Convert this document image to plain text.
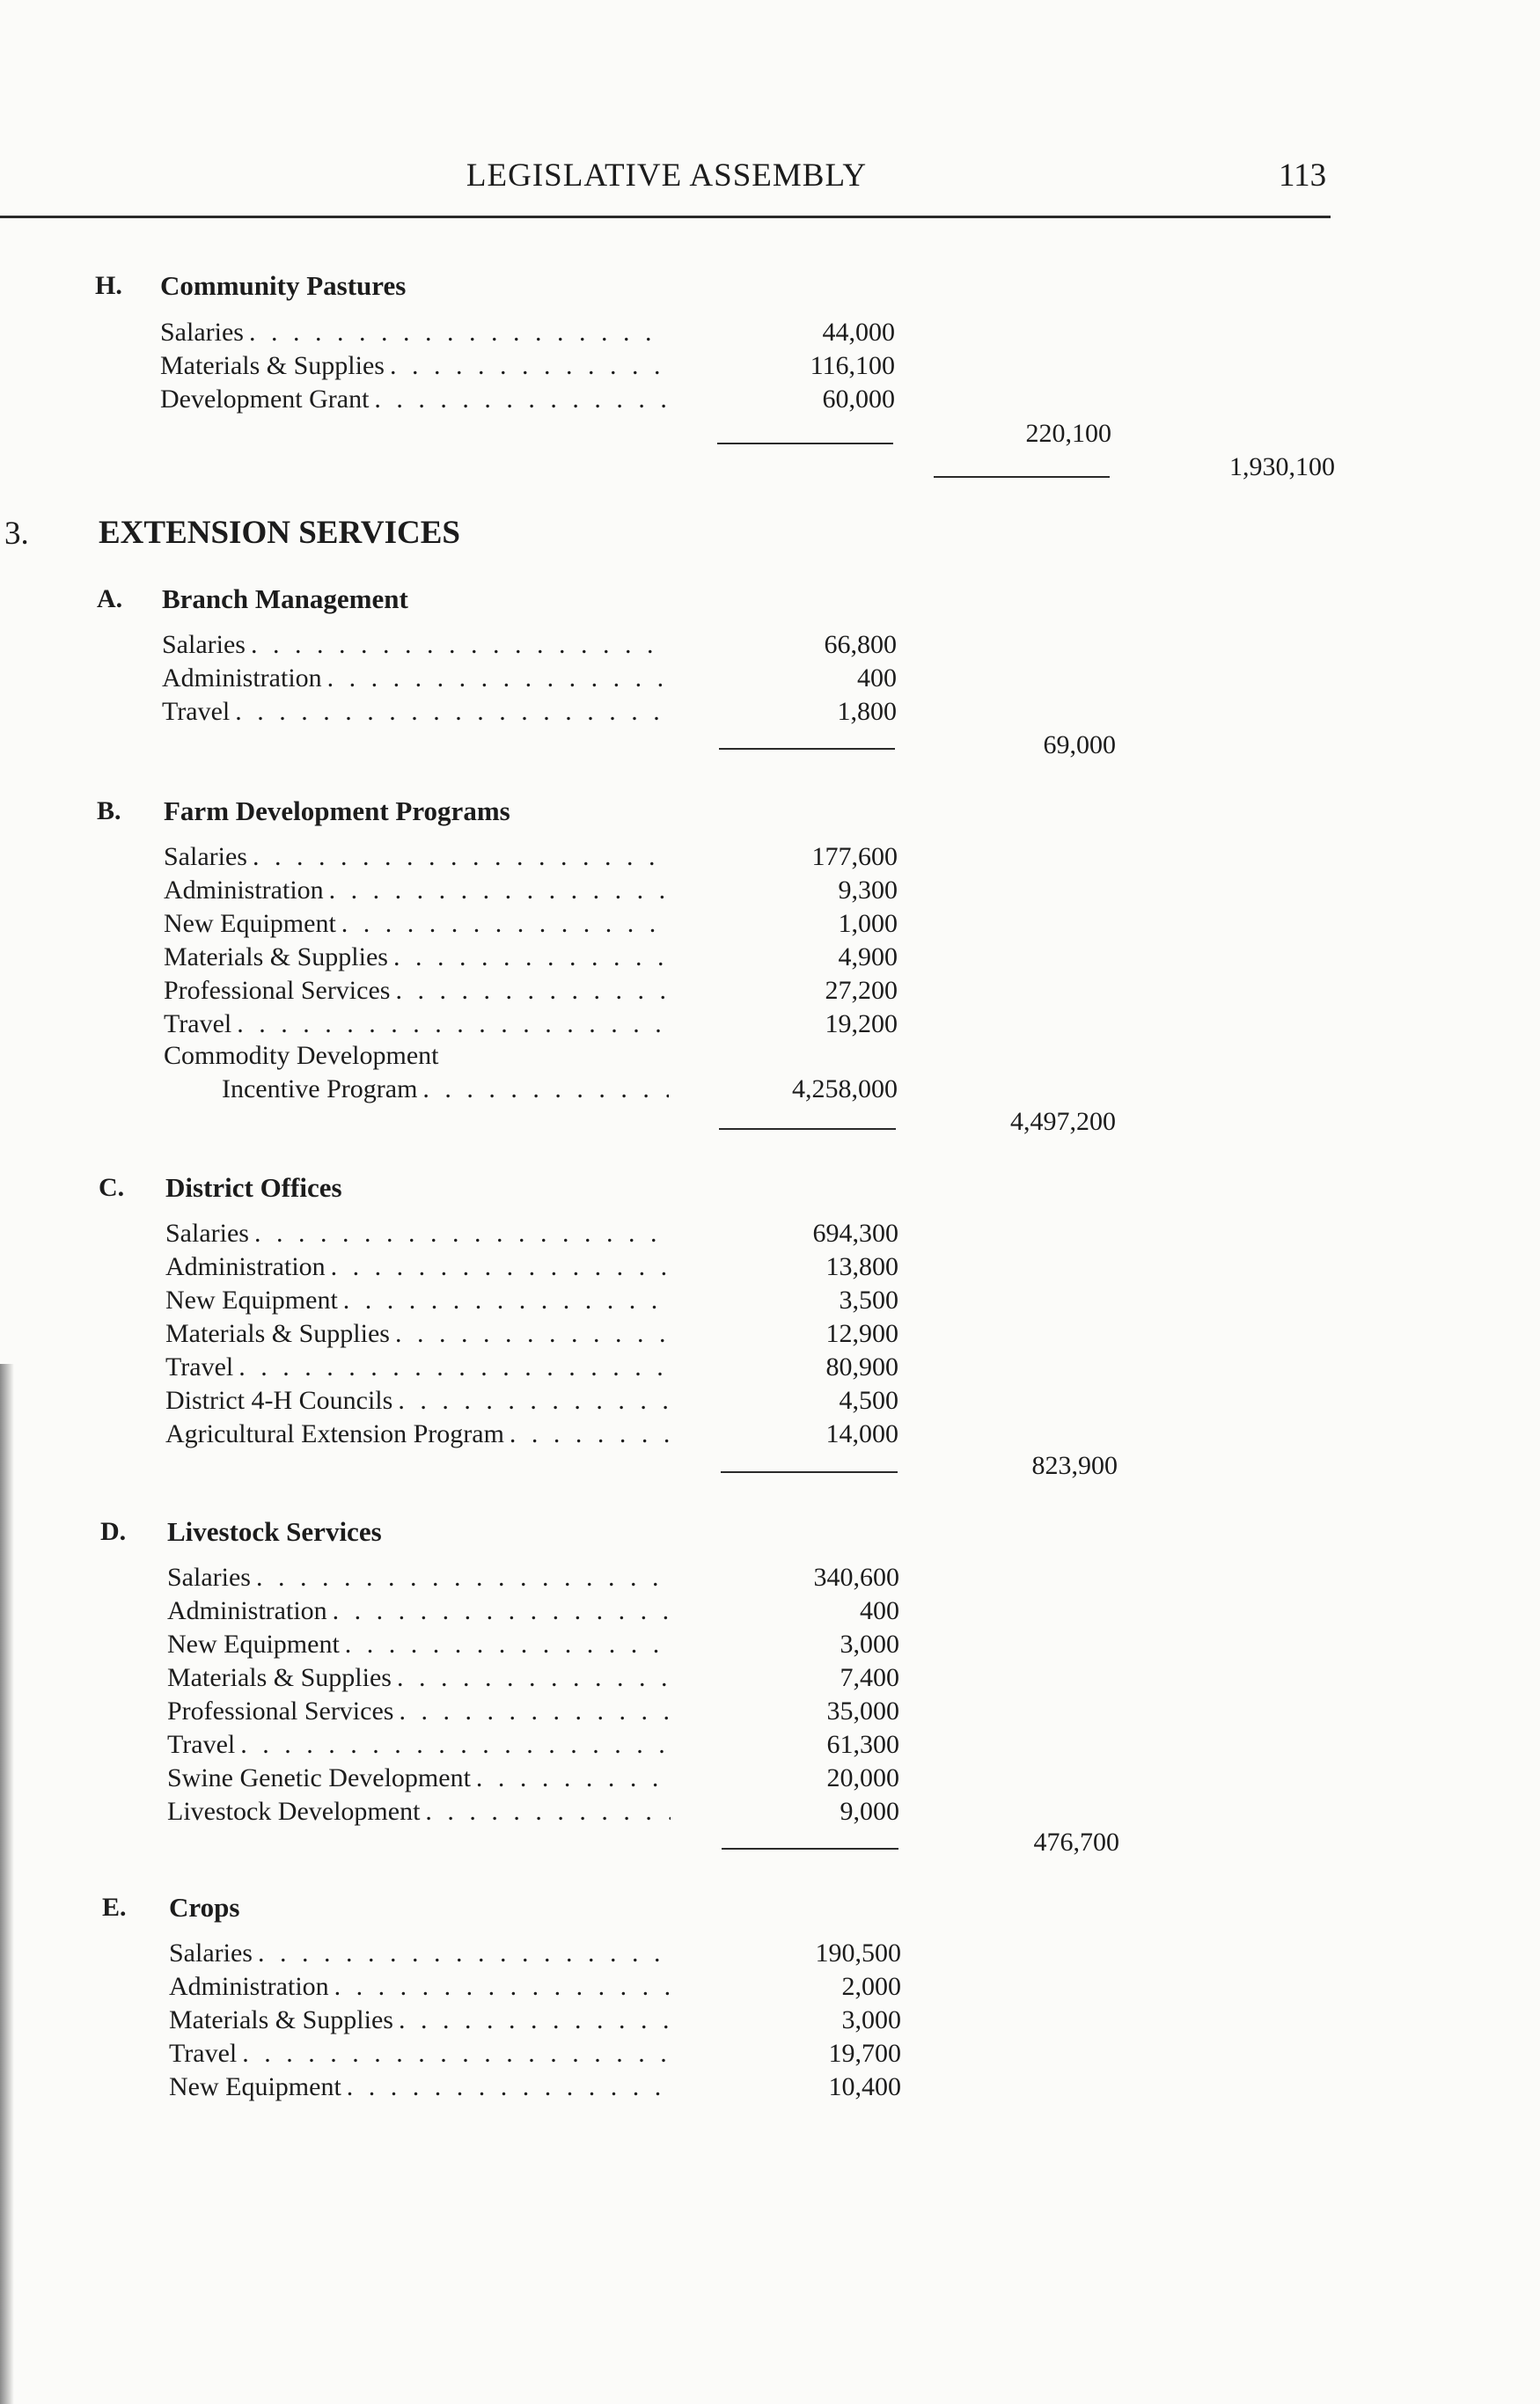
LEGISLATIVE ASSEMBLY	113
H. Community Pastures
Salaries . . .	44,000
Materials & Supplies . . .	116,100
Development Grant . . .	60,000
220,100
1,930,100
3. EXTENSION SERVICES
A. Branch Management
Salaries . . .	66,800
Administration . . .	400
Travel . . .	1,800
69,000
B. Farm Development Programs
Salaries . . .	177,600
Administration . . .	9,300
New Equipment . . .	1,000
Materials & Supplies . . .	4,900
Professional Services . . .	27,200
Travel . . .	19,200
Commodity Development
Incentive Program . . .	4,258,000
4,497,200
C. District Offices
Salaries . . .	694,300
Administration . . .	13,800
New Equipment . . .	3,500
Materials & Supplies . . .	12,900
Travel . . .	80,900
District 4-H Councils . . .	4,500
Agricultural Extension Program . . .	14,000
823,900
D. Livestock Services
Salaries . . .	340,600
Administration . . .	400
New Equipment . . .	3,000
Materials & Supplies . . .	7,400
Professional Services . . .	35,000
Travel . . .	61,300
Swine Genetic Development . . .	20,000
Livestock Development . . .	9,000
476,700
E. Crops
Salaries . . .	190,500
Administration . . .	2,000
Materials & Supplies . . .	3,000
Travel . . .	19,700
New Equipment . . .	10,400
